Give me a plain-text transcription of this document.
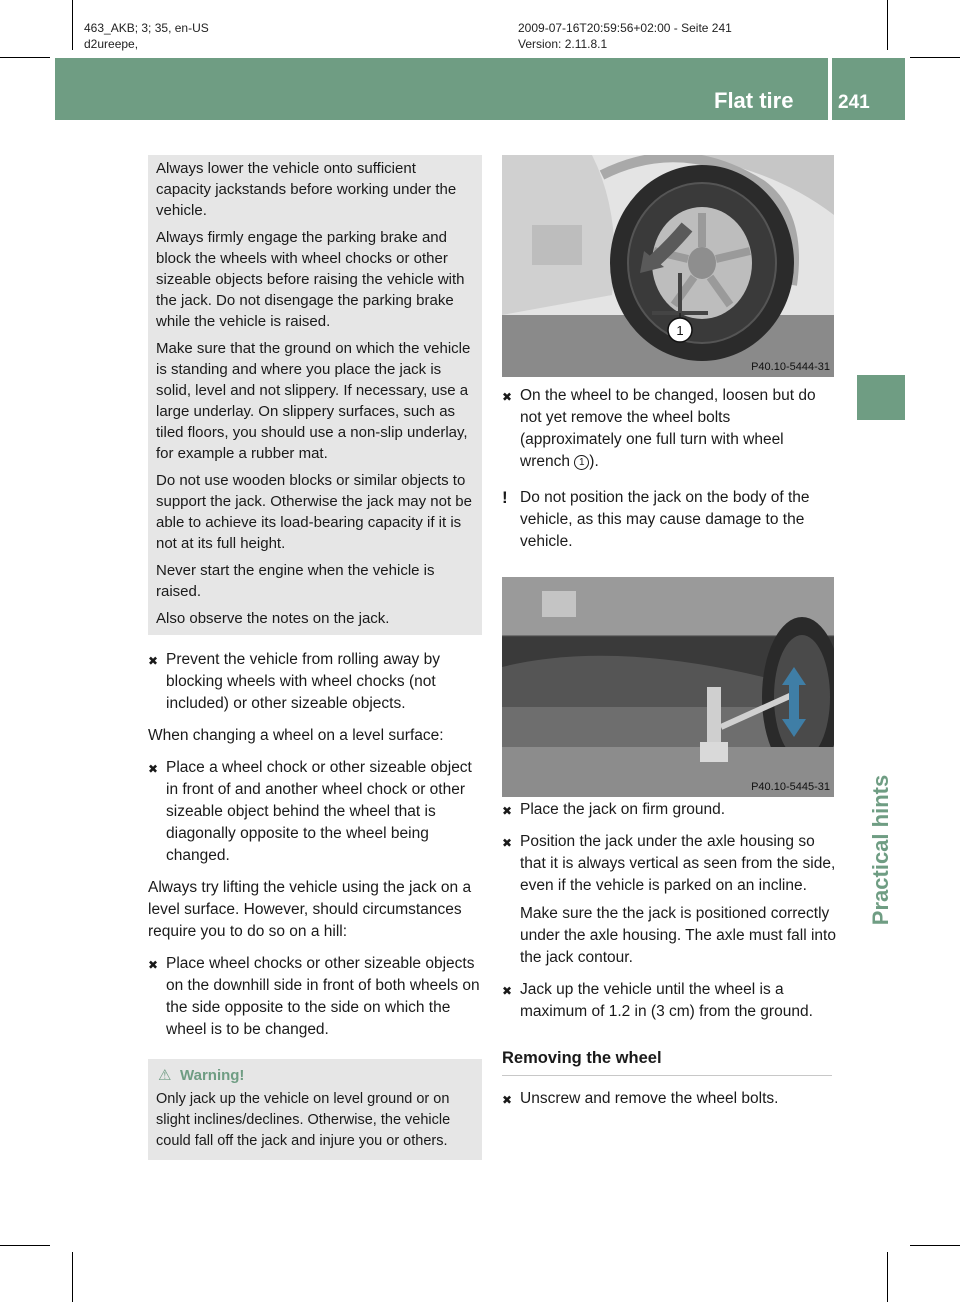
463_AKB; 3; 35, en-US
d2ureepe,
2009-07-16T20:59:56+02:00 - Seite 241
Version: 2.11.8.1
Flat tire 241
Practical hints

Always lower the vehicle onto sufficient capacity jackstands before working under the vehicle.

Always firmly engage the parking brake and block the wheels with wheel chocks or other sizeable objects before raising the vehicle with the jack. Do not disengage the parking brake while the vehicle is raised.

Make sure that the ground on which the vehicle is standing and where you place the jack is solid, level and not slippery. If necessary, use a large underlay. On slippery surfaces, such as tiled floors, you should use a non-slip underlay, for example a rubber mat.

Do not use wooden blocks or similar objects to support the jack. Otherwise the jack may not be able to achieve its load-bearing capacity if it is not at its full height.

Never start the engine when the vehicle is raised.

Also observe the notes on the jack.

✖ Prevent the vehicle from rolling away by blocking wheels with wheel chocks (not included) or other sizeable objects.

When changing a wheel on a level surface:

✖ Place a wheel chock or other sizeable object in front of and another wheel chock or other sizeable object behind the wheel that is diagonally opposite to the wheel being changed.

Always try lifting the vehicle using the jack on a level surface. However, should circumstances require you to do so on a hill:

✖ Place wheel chocks or other sizeable objects on the downhill side in front of both wheels on the side opposite to the side on which the wheel is to be changed.
⚠ Warning!

Only jack up the vehicle on level ground or on slight inclines/declines. Otherwise, the vehicle could fall off the jack and injure you or others.

1
P40.10-5444-31
P40.10-5445-31
✖ On the wheel to be changed, loosen but do not yet remove the wheel bolts (approximately one full turn with wheel wrench 1 ).
! Do not position the jack on the body of the vehicle, as this may cause damage to the vehicle.
✖ Place the jack on firm ground.
✖ Position the jack under the axle housing so that it is always vertical as seen from the side, even if the vehicle is parked on an incline.

Make sure the the jack is positioned correctly under the axle housing. The axle must fall into the jack contour.

✖ Jack up the vehicle until the wheel is a maximum of 1.2 in (3 cm) from the ground.
Removing the wheel
✖ Unscrew and remove the wheel bolts.
